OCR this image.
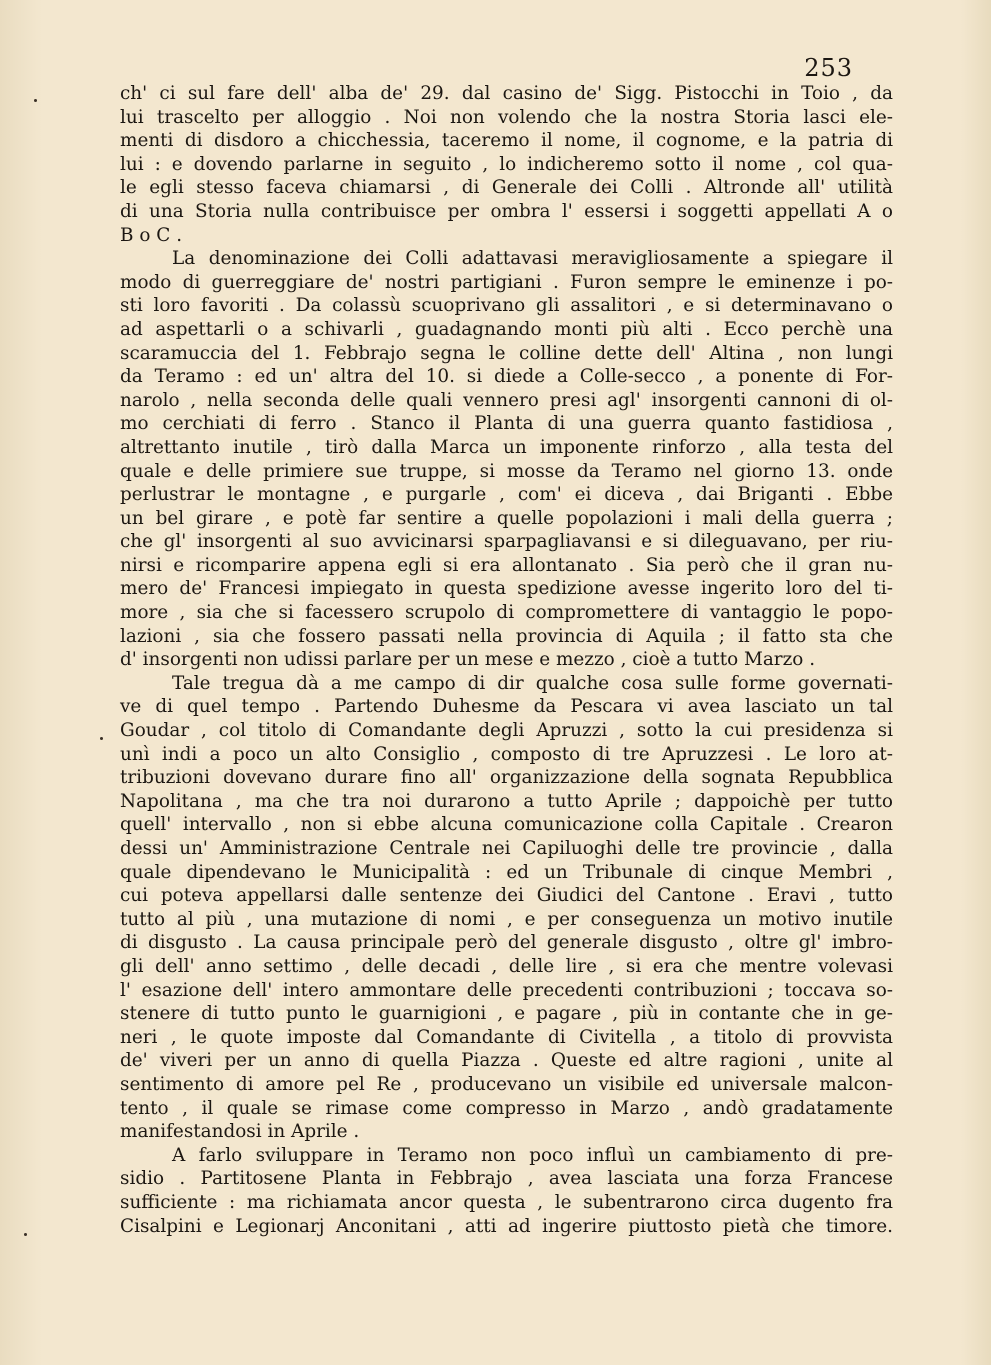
253
ch' ci sul fare dell' alba de' 29. dal casino de' Sigg. Pistocchi in Toio , da
lui trascelto per alloggio . Noi non volendo che la nostra Storia lasci ele-
menti di disdoro a chicchessia, taceremo il nome, il cognome, e la patria di
lui : e dovendo parlarne in seguito , lo indicheremo sotto il nome , col qua-
le egli stesso faceva chiamarsi , di Generale dei Colli . Altronde all' utilità
di una Storia nulla contribuisce per ombra l' essersi i soggetti appellati A o
B o C .
La denominazione dei Colli adattavasi meravigliosamente a spiegare il
modo di guerreggiare de' nostri partigiani . Furon sempre le eminenze i po-
sti loro favoriti . Da colassù scuoprivano gli assalitori , e si determinavano o
ad aspettarli o a schivarli , guadagnando monti più alti . Ecco perchè una
scaramuccia del 1. Febbrajo segna le colline dette dell' Altina , non lungi
da Teramo : ed un' altra del 10. si diede a Colle-secco , a ponente di For-
narolo , nella seconda delle quali vennero presi agl' insorgenti cannoni di ol-
mo cerchiati di ferro . Stanco il Planta di una guerra quanto fastidiosa ,
altrettanto inutile , tirò dalla Marca un imponente rinforzo , alla testa del
quale e delle primiere sue truppe, si mosse da Teramo nel giorno 13. onde
perlustrar le montagne , e purgarle , com' ei diceva , dai Briganti . Ebbe
un bel girare , e potè far sentire a quelle popolazioni i mali della guerra ;
che gl' insorgenti al suo avvicinarsi sparpagliavansi e si dileguavano, per riu-
nirsi e ricomparire appena egli si era allontanato . Sia però che il gran nu-
mero de' Francesi impiegato in questa spedizione avesse ingerito loro del ti-
more , sia che si facessero scrupolo di compromettere di vantaggio le popo-
lazioni , sia che fossero passati nella provincia di Aquila ; il fatto sta che
d' insorgenti non udissi parlare per un mese e mezzo , cioè a tutto Marzo .
Tale tregua dà a me campo di dir qualche cosa sulle forme governati-
ve di quel tempo . Partendo Duhesme da Pescara vi avea lasciato un tal
Goudar , col titolo di Comandante degli Apruzzi , sotto la cui presidenza si
unì indi a poco un alto Consiglio , composto di tre Apruzzesi . Le loro at-
tribuzioni dovevano durare fino all' organizzazione della sognata Repubblica
Napolitana , ma che tra noi durarono a tutto Aprile ; dappoichè per tutto
quell' intervallo , non si ebbe alcuna comunicazione colla Capitale . Crearon
dessi un' Amministrazione Centrale nei Capiluoghi delle tre provincie , dalla
quale dipendevano le Municipalità : ed un Tribunale di cinque Membri ,
cui poteva appellarsi dalle sentenze dei Giudici del Cantone . Eravi , tutto
tutto al più , una mutazione di nomi , e per conseguenza un motivo inutile
di disgusto . La causa principale però del generale disgusto , oltre gl' imbro-
gli dell' anno settimo , delle decadi , delle lire , si era che mentre volevasi
l' esazione dell' intero ammontare delle precedenti contribuzioni ; toccava so-
stenere di tutto punto le guarnigioni , e pagare , più in contante che in ge-
neri , le quote imposte dal Comandante di Civitella , a titolo di provvista
de' viveri per un anno di quella Piazza . Queste ed altre ragioni , unite al
sentimento di amore pel Re , producevano un visibile ed universale malcon-
tento , il quale se rimase come compresso in Marzo , andò gradatamente
manifestandosi in Aprile .
A farlo sviluppare in Teramo non poco influì un cambiamento di pre-
sidio . Partitosene Planta in Febbrajo , avea lasciata una forza Francese
sufficiente : ma richiamata ancor questa , le subentrarono circa dugento fra
Cisalpini e Legionarj Anconitani , atti ad ingerire piuttosto pietà che timore.
